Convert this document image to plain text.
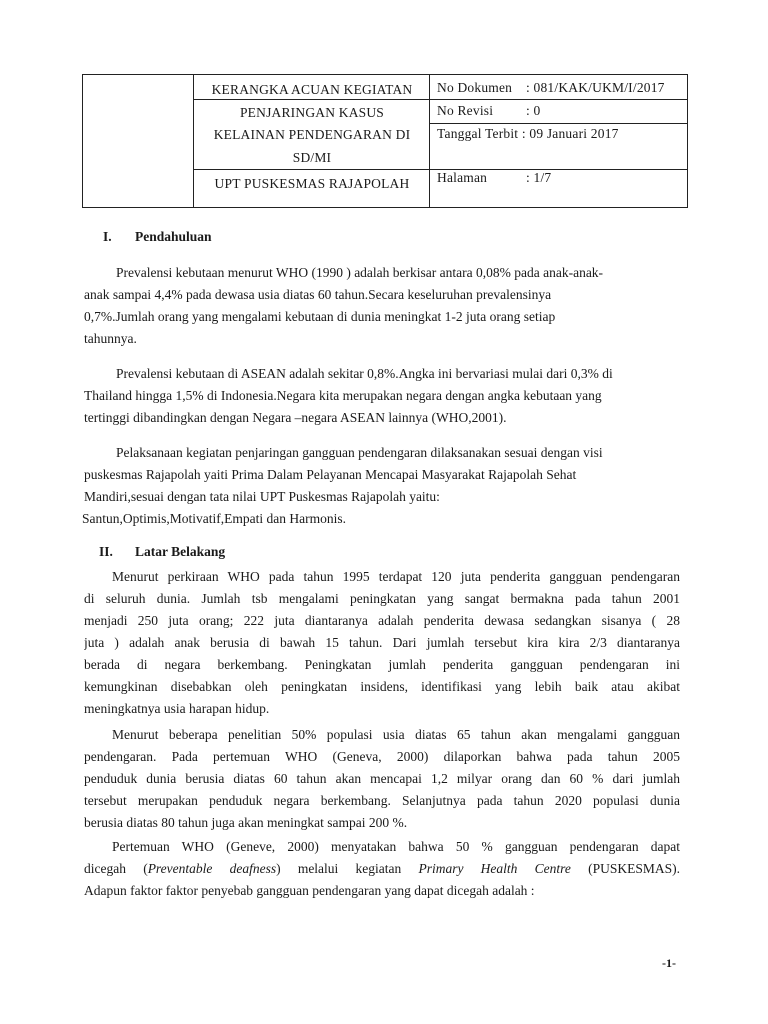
KERANGKA ACUAN KEGIATAN
PENJARINGAN KASUS
KELAINAN PENDENGARAN DI
SD/MI
UPT PUSKESMAS RAJAPOLAH
No Dokumen : 081/KAK/UKM/I/2017
No Revisi : 0
Tanggal Terbit : 09 Januari 2017
Halaman	: 1/7
I. Pendahuluan
Prevalensi kebutaan menurut WHO (1990 ) adalah berkisar antara 0,08% pada anak-anak-
anak sampai 4,4% pada dewasa usia diatas 60 tahun.Secara keseluruhan prevalensinya
0,7%.Jumlah orang yang mengalami kebutaan di dunia meningkat 1-2 juta orang setiap
tahunnya.
Prevalensi kebutaan di ASEAN adalah sekitar 0,8%.Angka ini bervariasi mulai dari 0,3% di
Thailand hingga 1,5% di Indonesia.Negara kita merupakan negara dengan angka kebutaan yang
tertinggi dibandingkan dengan Negara –negara ASEAN lainnya (WHO,2001).
Pelaksanaan kegiatan penjaringan gangguan pendengaran dilaksanakan sesuai dengan visi
puskesmas Rajapolah yaiti Prima Dalam Pelayanan Mencapai Masyarakat Rajapolah Sehat
Mandiri,sesuai dengan tata nilai UPT Puskesmas Rajapolah yaitu:
Santun,Optimis,Motivatif,Empati dan Harmonis.
II. Latar Belakang
Menurut perkiraan WHO pada tahun 1995 terdapat 120 juta penderita gangguan pendengaran
di seluruh dunia. Jumlah tsb mengalami peningkatan yang sangat bermakna pada tahun 2001
menjadi 250 juta orang; 222 juta diantaranya adalah penderita dewasa sedangkan sisanya ( 28
juta ) adalah anak berusia di bawah 15 tahun. Dari jumlah tersebut kira kira 2/3 diantaranya
berada di negara berkembang. Peningkatan jumlah penderita gangguan pendengaran ini
kemungkinan disebabkan oleh peningkatan insidens, identifikasi yang lebih baik atau akibat
meningkatnya usia harapan hidup.
Menurut beberapa penelitian 50% populasi usia diatas 65 tahun akan mengalami gangguan
pendengaran. Pada pertemuan WHO (Geneva, 2000) dilaporkan bahwa pada tahun 2005
penduduk dunia berusia diatas 60 tahun akan mencapai 1,2 milyar orang dan 60 % dari jumlah
tersebut merupakan penduduk negara berkembang. Selanjutnya pada tahun 2020 populasi dunia
berusia diatas 80 tahun juga akan meningkat sampai 200 %.
Pertemuan WHO (Geneve, 2000) menyatakan bahwa 50 % gangguan pendengaran dapat
dicegah (Preventable deafness) melalui kegiatan Primary Health Centre (PUSKESMAS).
Adapun faktor faktor penyebab gangguan pendengaran yang dapat dicegah adalah :
-1-
